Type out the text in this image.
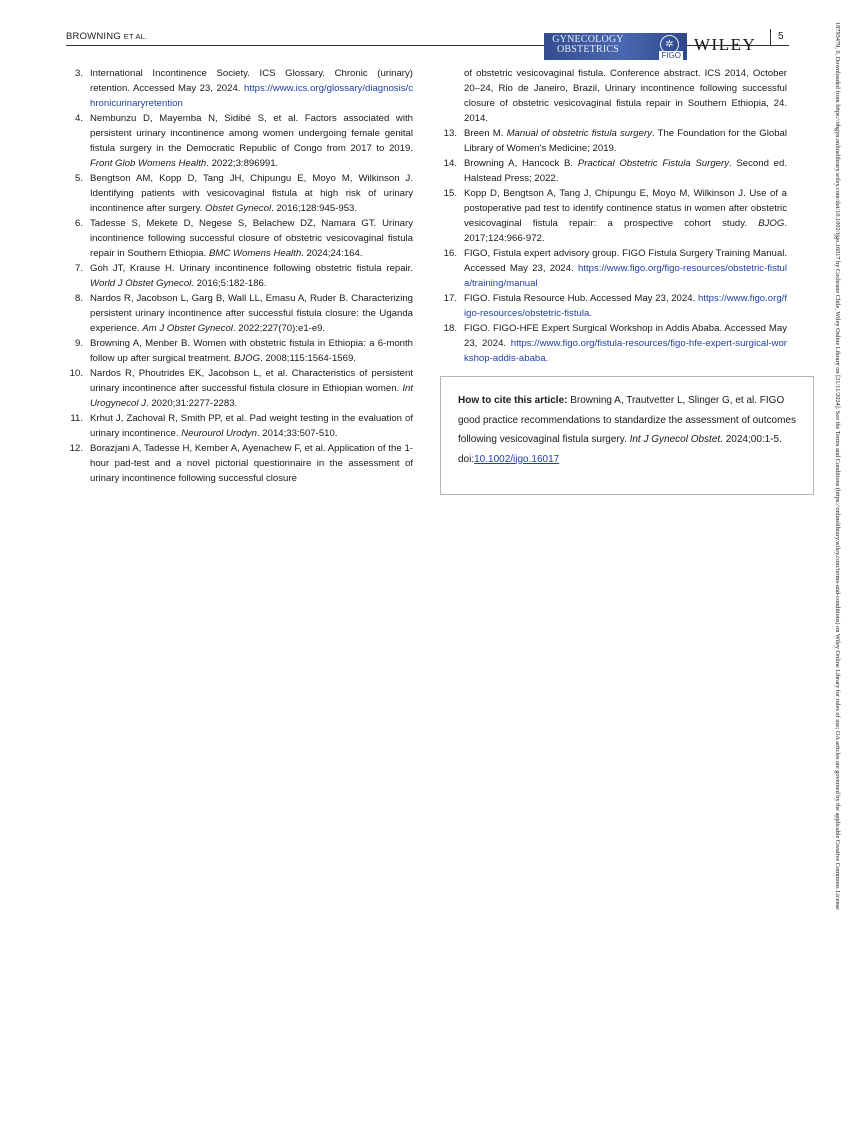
BROWNING ET AL.	GYNECOLOGY
OBSTETRICS	✲
FIGO
WILEY 5
3 . International Incontinence Society. ICS Glossary. Chronic (urinary) retention. Accessed May 23, 2024. https://www.ics.org/glossary/diagnosis/chronicurinaryretention
4 . Nembunzu D, Mayemba N, Sidibé S, et al. Factors associated with persistent urinary incontinence among women undergoing female genital fistula surgery in the Democratic Republic of Congo from 2017 to 2019. Front Glob Womens Health. 2022;3:896991.
5 . Bengtson AM, Kopp D, Tang JH, Chipungu E, Moyo M, Wilkinson J. Identifying patients with vesicovaginal fistula at high risk of urinary incontinence after surgery. Obstet Gynecol. 2016;128:945-953.
6 . Tadesse S, Mekete D, Negese S, Belachew DZ, Namara GT. Urinary incontinence following successful closure of obstetric vesicovaginal fistula repair in Southern Ethiopia. BMC Womens Health. 2024;24:164.
7 . Goh JT, Krause H. Urinary incontinence following obstetric fistula repair. World J Obstet Gynecol. 2016;5:182-186.
8 . Nardos R, Jacobson L, Garg B, Wall LL, Emasu A, Ruder B. Characterizing persistent urinary incontinence after successful fistula closure: the Uganda experience. Am J Obstet Gynecol. 2022;227(70):e1-e9.
9 . Browning A, Menber B. Women with obstetric fistula in Ethiopia: a 6-month follow up after surgical treatment. BJOG. 2008;115:1564-1569.
10 . Nardos R, Phoutrides EK, Jacobson L, et al. Characteristics of persistent urinary incontinence after successful fistula closure in Ethiopian women. Int Urogynecol J. 2020;31:2277-2283.
11 . Krhut J, Zachoval R, Smith PP, et al. Pad weight testing in the evaluation of urinary incontinence. Neurourol Urodyn. 2014;33:507-510.
12 . Borazjani A, Tadesse H, Kember A, Ayenachew F, et al. Application of the 1-hour pad-test and a novel pictorial questionnaire in the assessment of urinary incontinence following successful closure
of obstetric vesicovaginal fistula. Conference abstract. ICS 2014, October 20–24, Rio de Janeiro, Brazil, Urinary incontinence following successful closure of obstetric vesicovaginal fistula repair in Southern Ethiopia, 24. 2014.
13 . Breen M. Manual of obstetric fistula surgery. The Foundation for the Global Library of Women's Medicine; 2019.
14 . Browning A, Hancock B. Practical Obstetric Fistula Surgery. Second ed. Halstead Press; 2022.
15 . Kopp D, Bengtson A, Tang J, Chipungu E, Moyo M, Wilkinson J. Use of a postoperative pad test to identify continence status in women after obstetric vesicovaginal fistula repair: a prospective cohort study. BJOG. 2017;124:966-972.
16 . FIGO, Fistula expert advisory group. FIGO Fistula Surgery Training Manual. Accessed May 23, 2024. https://www.figo.org/figo-resources/obstetric-fistula/training/manual
17 . FIGO. Fistula Resource Hub. Accessed May 23, 2024. https://www.figo.org/figo-resources/obstetric-fistula.
18 . FIGO. FIGO-HFE Expert Surgical Workshop in Addis Ababa. Accessed May 23, 2024. https://www.figo.org/fistula-resources/figo-hfe-expert-surgical-workshop-addis-ababa.
How to cite this article: Browning A, Trautvetter L, Slinger G, et al. FIGO good practice recommendations to standardize the assessment of outcomes following vesicovaginal fistula surgery. Int J Gynecol Obstet. 2024;00:1-5. doi:10.1002/ijgo.16017	18793479, 0, Downloaded from https://obgyn.onlinelibrary.wiley.com/doi/10.1002/ijgo.16017 by Cochrane Chile, Wiley Online Library on [21/11/2024]. See the Terms and Conditions (https://onlinelibrary.wiley.com/terms-and-conditions) on Wiley Online Library for rules of use; OA articles are governed by the applicable Creative Commons License
